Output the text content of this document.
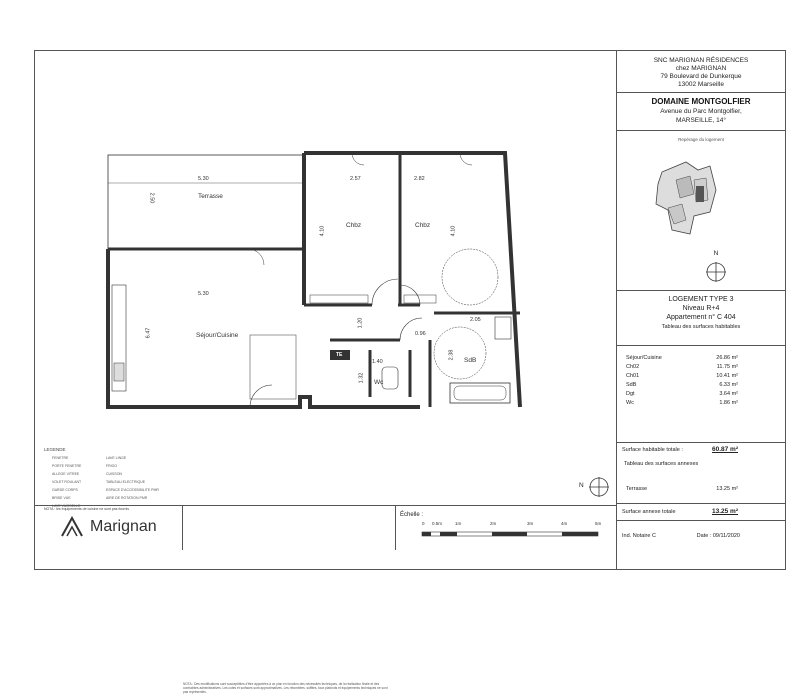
SNC MARIGNAN RÉSIDENCES
chez MARIGNAN
79 Boulevard de Dunkerque
13002 Marseille
DOMAINE MONTGOLFIER
Avenue du Parc Montgolfier,
MARSEILLE, 14°
Repérage du logement
N
LOGEMENT TYPE 3
Niveau R+4
Appartement n° C 404
Tableau des surfaces habitables
Séjour/Cuisine	26.86 m²
Ch02	11.75 m²
Ch01	10.41 m²
SdB	6.33 m²
Dgt	3.64 m²
Wc	1.86 m²
Surface habitable totale :	60.87 m²
Tableau des surfaces annexes
Terrasse	13.25 m²
Surface annexe totale	13.25 m²
Ind. Notaire C	Date : 09/11/2020
Marignan
LEGENDE
FENETRE
PORTE FENETRE
ALLEGE VITREE
VOLET ROULANT
GARDE CORPS
BRISE VUE
LAVE VAISSELLE
LAVE LINGE
FRIGO
CUISSON
TABLEAU ELECTRIQUE
ESPACE D'ACCESSIBILITE PMR
AIRE DE ROTATION PMR
NOTA : les équipements de cuisine ne sont pas fournis
NOTA : Des modifications sont susceptibles d'être apportées à ce plan en fonction des nécessités techniques, de la réalisation finale et des contraintes administratives. Les cotes et surfaces sont approximatives. Les retombées, soffites, faux plafonds et équipements techniques ne sont pas représentés.
Échelle :
0 0.5m	1m	2m	3m	4m	5m
N
Terrasse
Séjour/Cuisine
Chbz	Chbz
SdB
Wc
TE
5.30
2.50
5.30
6.47
2.57
4.10
2.82
4.10
1.20
0.96
2.05
2.38
1.40
1.32
